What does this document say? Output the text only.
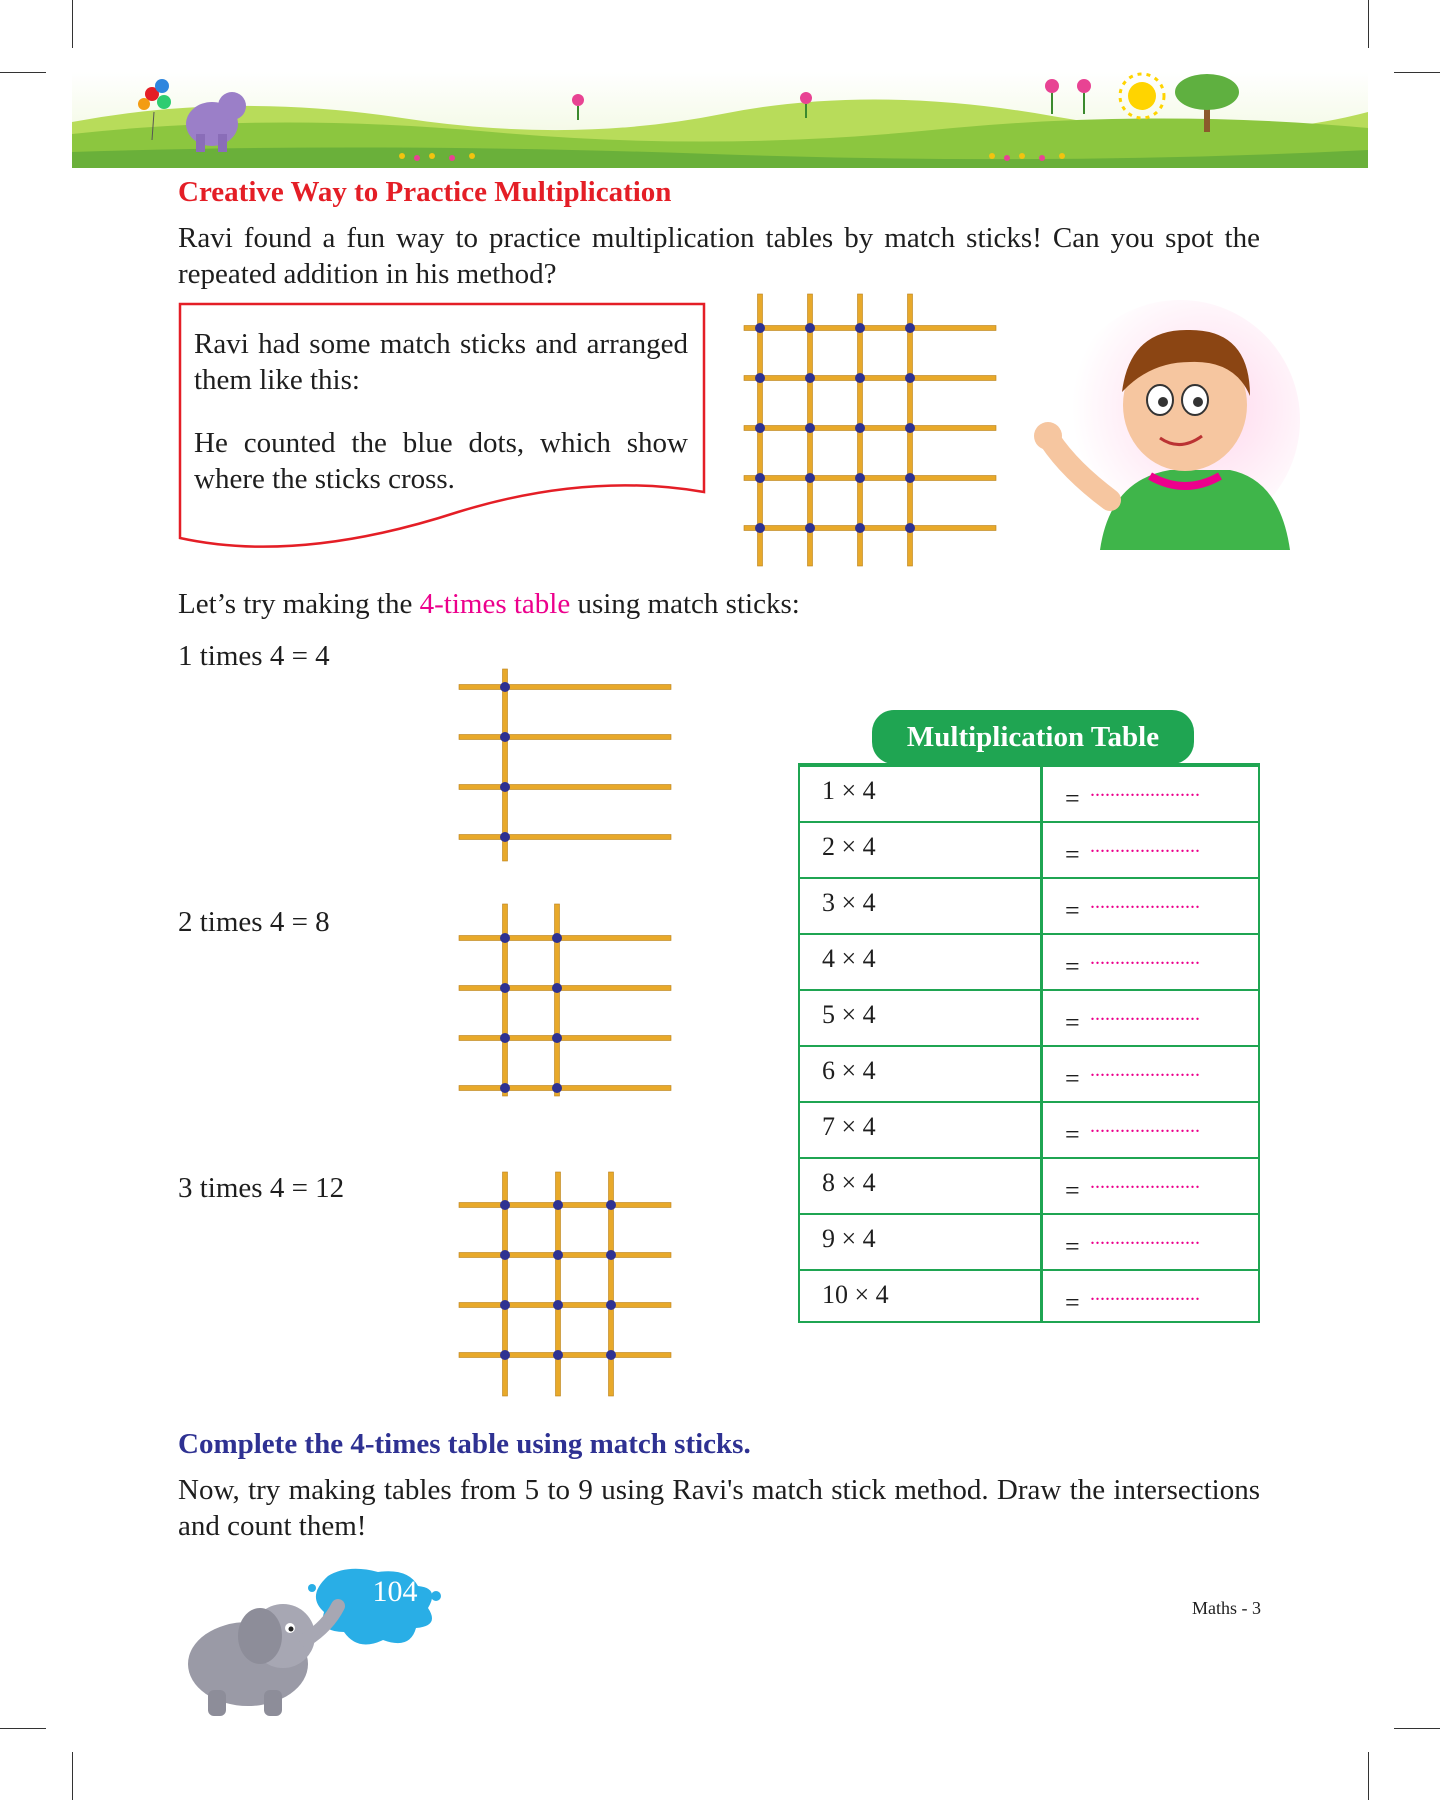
Creative Way to Practice Multiplication
Ravi found a fun way to practice multiplication tables by match sticks! Can you spot the repeated addition in his method?
Ravi had some match sticks and arranged them like this:
He counted the blue dots, which show where the sticks cross.
Let’s try making the 4-times table using match sticks:
1 times 4 = 4
2 times 4 = 8
3 times 4 = 12
Multiplication Table
1 × 4	= ......................
2 × 4	= ......................
3 × 4	= ......................
4 × 4	= ......................
5 × 4	= ......................
6 × 4	= ......................
7 × 4	= ......................
8 × 4	= ......................
9 × 4	= ......................
10 × 4	= ......................
Complete the 4-times table using match sticks.
Now, try making tables from 5 to 9 using Ravi's match stick method. Draw the intersections and count them!
104	Maths - 3
